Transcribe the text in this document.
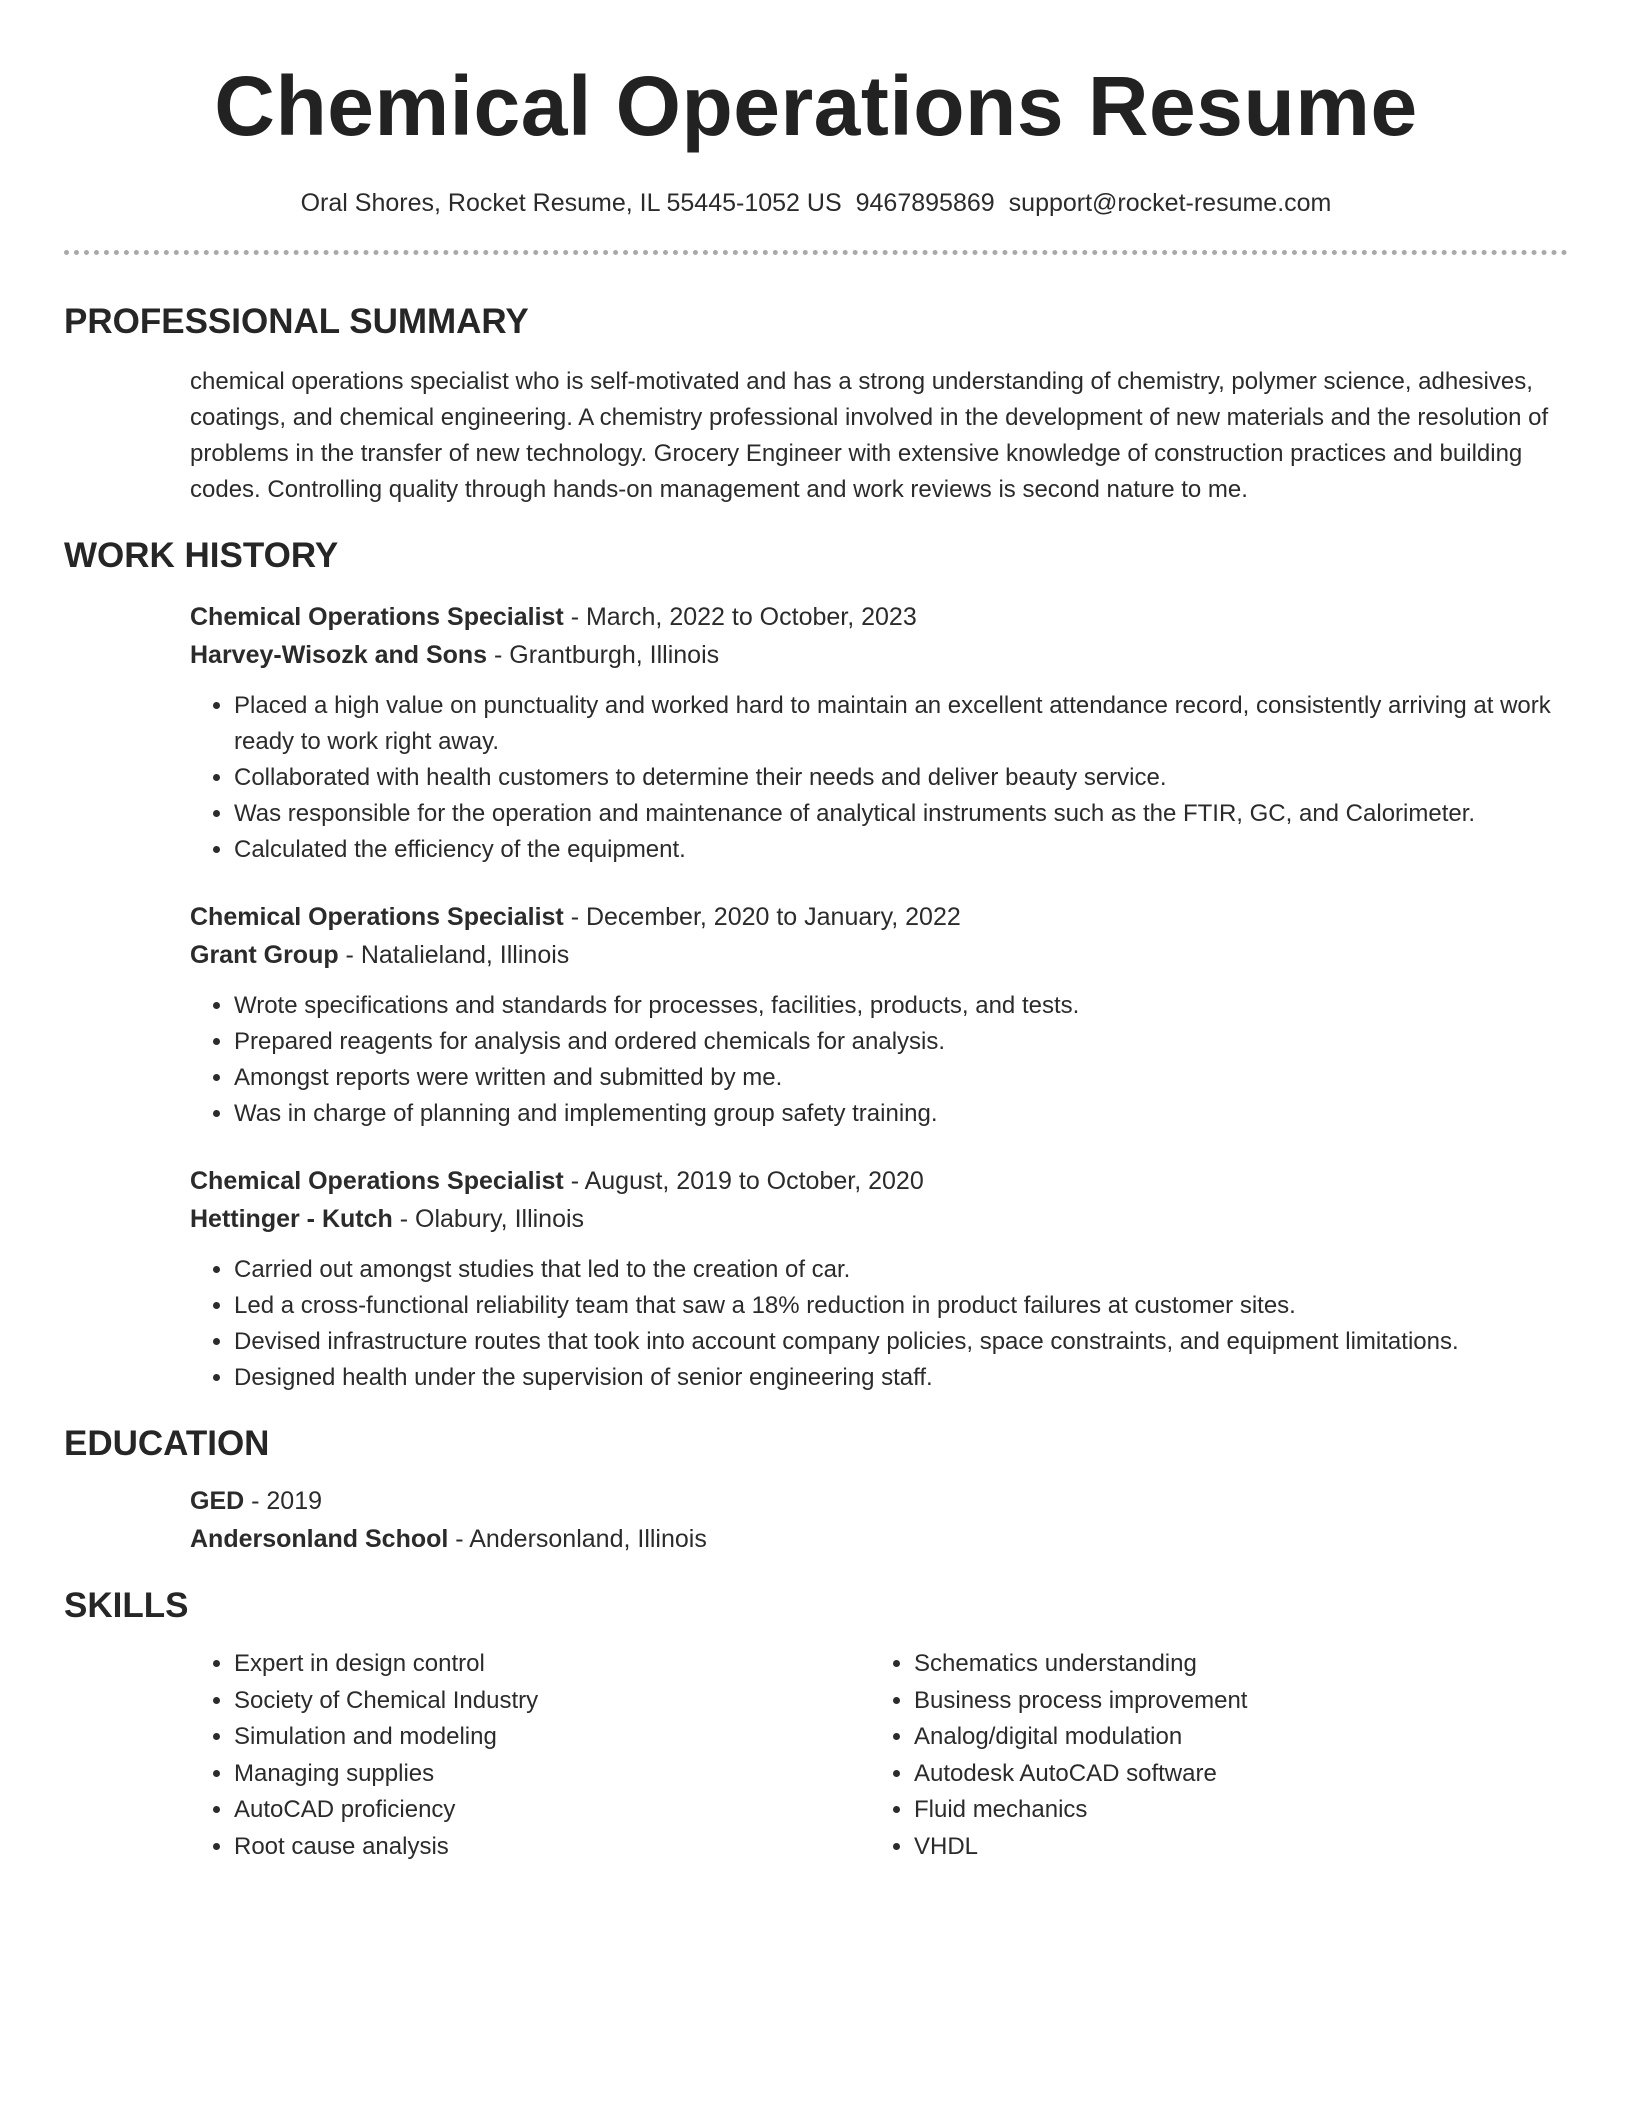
Chemical Operations Resume
Oral Shores, Rocket Resume, IL 55445-1052 US 9467895869 support@rocket-resume.com
PROFESSIONAL SUMMARY

chemical operations specialist who is self-motivated and has a strong understanding of chemistry, polymer science, adhesives, coatings, and chemical engineering. A chemistry professional involved in the development of new materials and the resolution of problems in the transfer of new technology. Grocery Engineer with extensive knowledge of construction practices and building codes. Controlling quality through hands-on management and work reviews is second nature to me.

WORK HISTORY
Chemical Operations Specialist - March, 2022 to October, 2023
Harvey-Wisozk and Sons - Grantburgh, Illinois
• Placed a high value on punctuality and worked hard to maintain an excellent attendance record, consistently arriving at work ready to work right away.
• Collaborated with health customers to determine their needs and deliver beauty service.
• Was responsible for the operation and maintenance of analytical instruments such as the FTIR, GC, and Calorimeter.
• Calculated the efficiency of the equipment.
Chemical Operations Specialist - December, 2020 to January, 2022
Grant Group - Natalieland, Illinois
• Wrote specifications and standards for processes, facilities, products, and tests.
• Prepared reagents for analysis and ordered chemicals for analysis.
• Amongst reports were written and submitted by me.
• Was in charge of planning and implementing group safety training.
Chemical Operations Specialist - August, 2019 to October, 2020
Hettinger - Kutch - Olabury, Illinois
• Carried out amongst studies that led to the creation of car.
• Led a cross-functional reliability team that saw a 18% reduction in product failures at customer sites.
• Devised infrastructure routes that took into account company policies, space constraints, and equipment limitations.
• Designed health under the supervision of senior engineering staff.
EDUCATION
GED - 2019
Andersonland School - Andersonland, Illinois
SKILLS
• Expert in design control
• Society of Chemical Industry
• Simulation and modeling
• Managing supplies
• AutoCAD proficiency
• Root cause analysis
• Schematics understanding
• Business process improvement
• Analog/digital modulation
• Autodesk AutoCAD software
• Fluid mechanics
• VHDL
